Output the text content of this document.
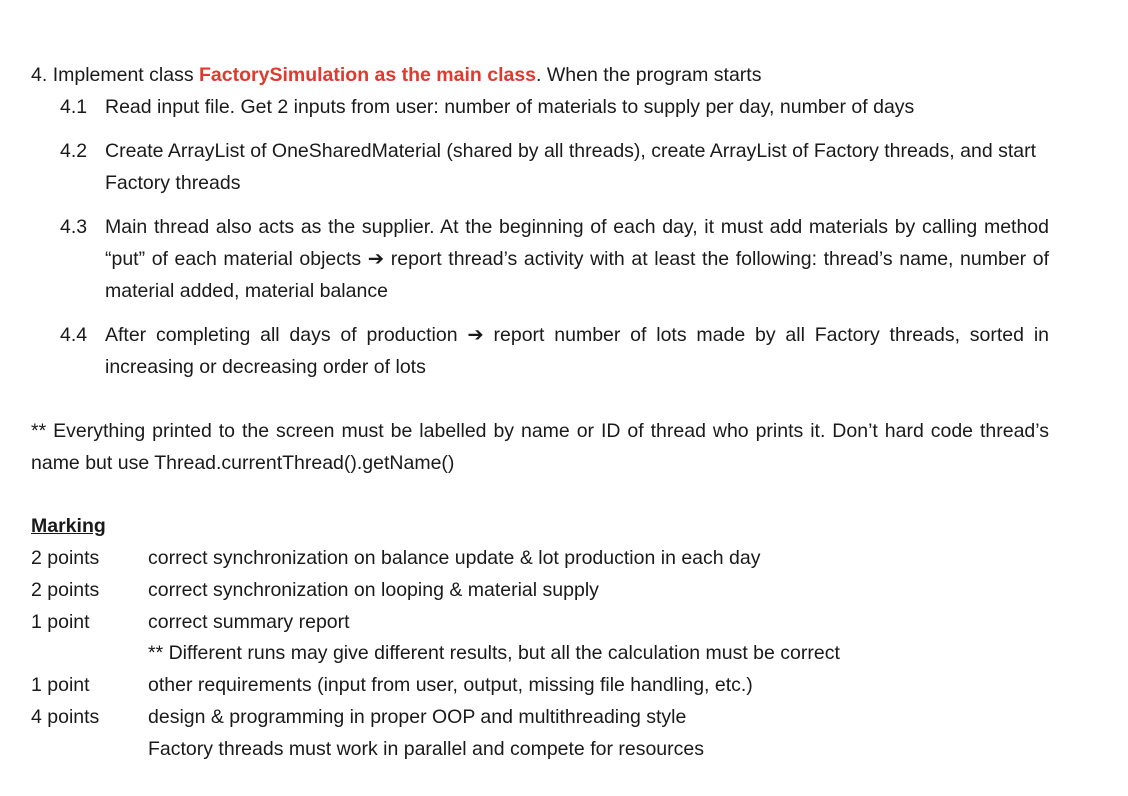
4. Implement class FactorySimulation as the main class. When the program starts
4.1 Read input file. Get 2 inputs from user: number of materials to supply per day, number of days
4.2 Create ArrayList of OneSharedMaterial (shared by all threads), create ArrayList of Factory threads, and start Factory threads
4.3 Main thread also acts as the supplier. At the beginning of each day, it must add materials by calling method “put” of each material objects ➔ report thread’s activity with at least the following: thread’s name, number of material added, material balance
4.4 After completing all days of production ➔ report number of lots made by all Factory threads, sorted in increasing or decreasing order of lots
** Everything printed to the screen must be labelled by name or ID of thread who prints it. Don’t hard code thread’s name but use Thread.currentThread().getName()
Marking
2 points correct synchronization on balance update & lot production in each day
2 points correct synchronization on looping & material supply
1 point	correct summary report
** Different runs may give different results, but all the calculation must be correct
1 point	other requirements (input from user, output, missing file handling, etc.)
4 points design & programming in proper OOP and multithreading style
Factory threads must work in parallel and compete for resources
